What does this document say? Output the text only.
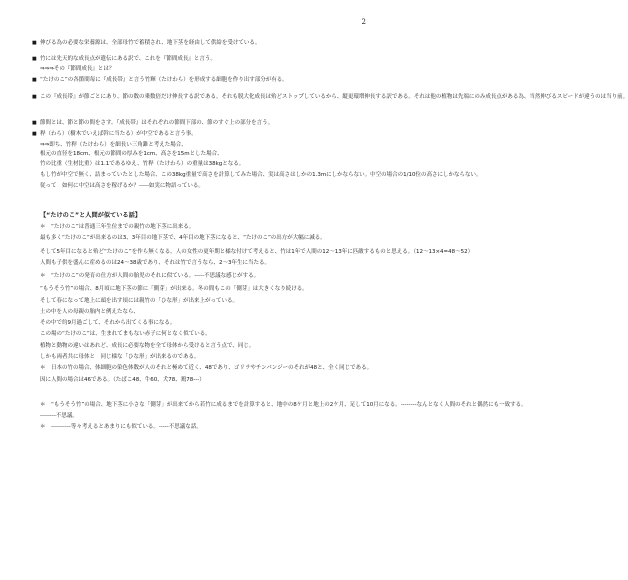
2
■ 伸びる為の必要な栄養源は、全部母竹で蓄積され、地下茎を経由して供給を受けている。
■ 竹には先天的な成長点が遺伝にある訳で、これを『節間成長』と言う。
⇒⇒⇒その『節間成長』とは？
■ “たけのこ”の各節間毎に『成長帯』と言う竹輝（たけわら）を形成する細胞を作り出す部分が有る。
■ この『成長帯』が節ごとにあり、節の数の乗数倍だけ伸長する訳である。それも脱大化成長は殆どストップしているから、縦更環増伸長する訳である。それは他の植物は先端にのみ成長点がある為、当然伸びるスピードが違うのは当り前。
■ 節間とは、節と節の間をさす。『成長帯』はそれぞれの節間下部の、節のすぐ上の部分を言う。
■ 稈（わら）（樹木でいえば幹に当たる）が中空であると言う事。
⇒⇒即ち、竹稈（たけわら）を細長い三角錐と考えた場合、
根元の直径を18cm、根元の節間の厚みを1cm、高さを15mとした場合、
竹の比重（生材比重）は1.1であるゆえ、竹稈（たけわら）の重量は38kgとなる。
もし竹が中空で無く、詰まっていたとした場合、この38kg重量で高さを計算してみた場合、実は高さはしかの1.3mにしかならない。中空の場合の1/10位の高さにしかならない。
従って　如何に中空は高さを稼げるか？-----如実に物語っている。
【“たけのこ”と人間が似ている話】
＊　“たけのこ”は普通三年生位までの親竹の地下茎に出来る。
最も多く“たけのこ”が出来るのは3、3年目の地下茎で、4年目の地下茎になると、“たけのこ”の出方が大幅に減る。
そして5年目になると殆ど“たけのこ”を作ら無くなる。人の女性の更年期と様な付けて考えると、竹は1年で人間の12～13年に匹敵するものと思える。（12～13×4=48～52）
人間も子供を盛んに産めるのは24～38歳であり、それは竹で言うなら、2～3年生に当たる。
＊　“たけのこ”の発育の仕方が人間の胎児のそれに似ている。-----不思議な感じがする。
“もうそう竹”の場合、8月頃に地下茎の節に「側芽」が出来る。冬の間もこの「側芽」は大きくなり続ける。
そして春になって地上に頭を出す頃には親竹の「ひな形」が出来上がっている。
土の中を人の母親の胎内と例えたなら、
その中で約9月過ごして、それから出てくる事になる。
この場の“たけのこ”は、生まれてまもない赤子に何となく似ている。
植物と動物の違いはあれど、成長に必要な物を全て母体から受けると言う点で、同じ。
しかも両者共に母体と　同じ様な「ひな形」が出来るのである。
＊　日本の竹の場合、体細胞の染色体数が人のそれと極めて近く、48であり、ゴリラやチンパンジーのそれが48と、全く同じである。
因に人間の場合は46である。（たばこ48、牛60、犬78、鶏78---）
＊　“もうそう竹”の場合、地下茎に小さな「側芽」が出来てから若竹に成るまでを計算すると、地中の8ケ月と地上の2ケ月、足して10月になる。--------なんとなく人間のそれと偶然にも一致する。
--------不思議。
＊　----------等々考えるとあまりにも似ている。-----不思議な話。
